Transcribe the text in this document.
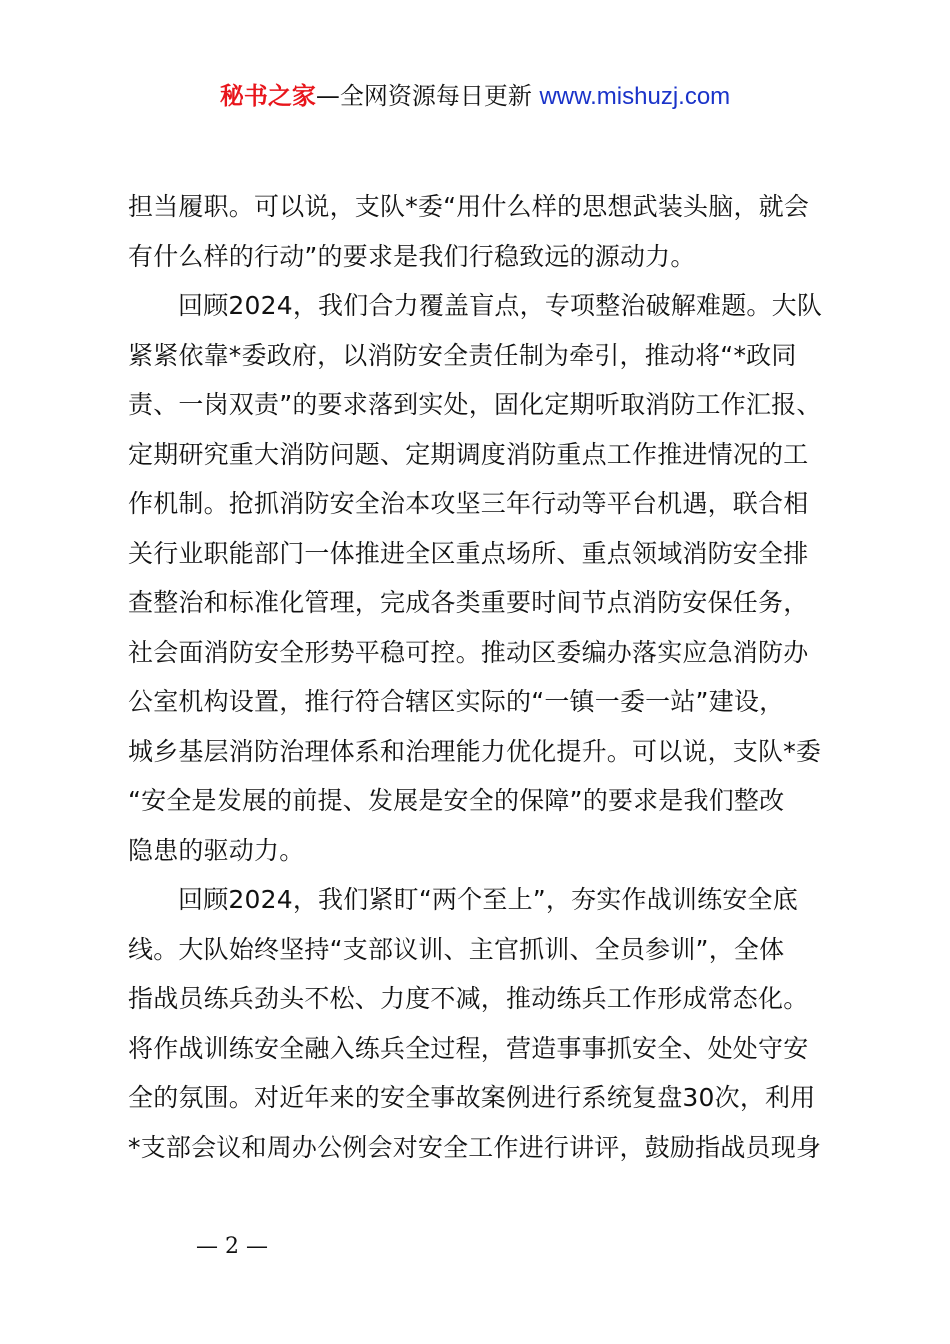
秘书之家—全网资源每日更新 www.mishuzj.com
担当履职。可以说，支队*委“用什么样的思想武装头脑，就会
有什么样的行动”的要求是我们行稳致远的源动力。
回顾2024，我们合力覆盖盲点，专项整治破解难题。大队
紧紧依靠*委政府，以消防安全责任制为牵引，推动将“*政同
责、一岗双责”的要求落到实处，固化定期听取消防工作汇报、
定期研究重大消防问题、定期调度消防重点工作推进情况的工
作机制。抢抓消防安全治本攻坚三年行动等平台机遇，联合相
关行业职能部门一体推进全区重点场所、重点领域消防安全排
查整治和标准化管理，完成各类重要时间节点消防安保任务，
社会面消防安全形势平稳可控。推动区委编办落实应急消防办
公室机构设置，推行符合辖区实际的“一镇一委一站”建设，
城乡基层消防治理体系和治理能力优化提升。可以说，支队*委
“安全是发展的前提、发展是安全的保障”的要求是我们整改
隐患的驱动力。
回顾2024，我们紧盯“两个至上”，夯实作战训练安全底
线。大队始终坚持“支部议训、主官抓训、全员参训”，全体
指战员练兵劲头不松、力度不减，推动练兵工作形成常态化。
将作战训练安全融入练兵全过程，营造事事抓安全、处处守安
全的氛围。对近年来的安全事故案例进行系统复盘30次，利用
*支部会议和周办公例会对安全工作进行讲评，鼓励指战员现身
— 2 —
